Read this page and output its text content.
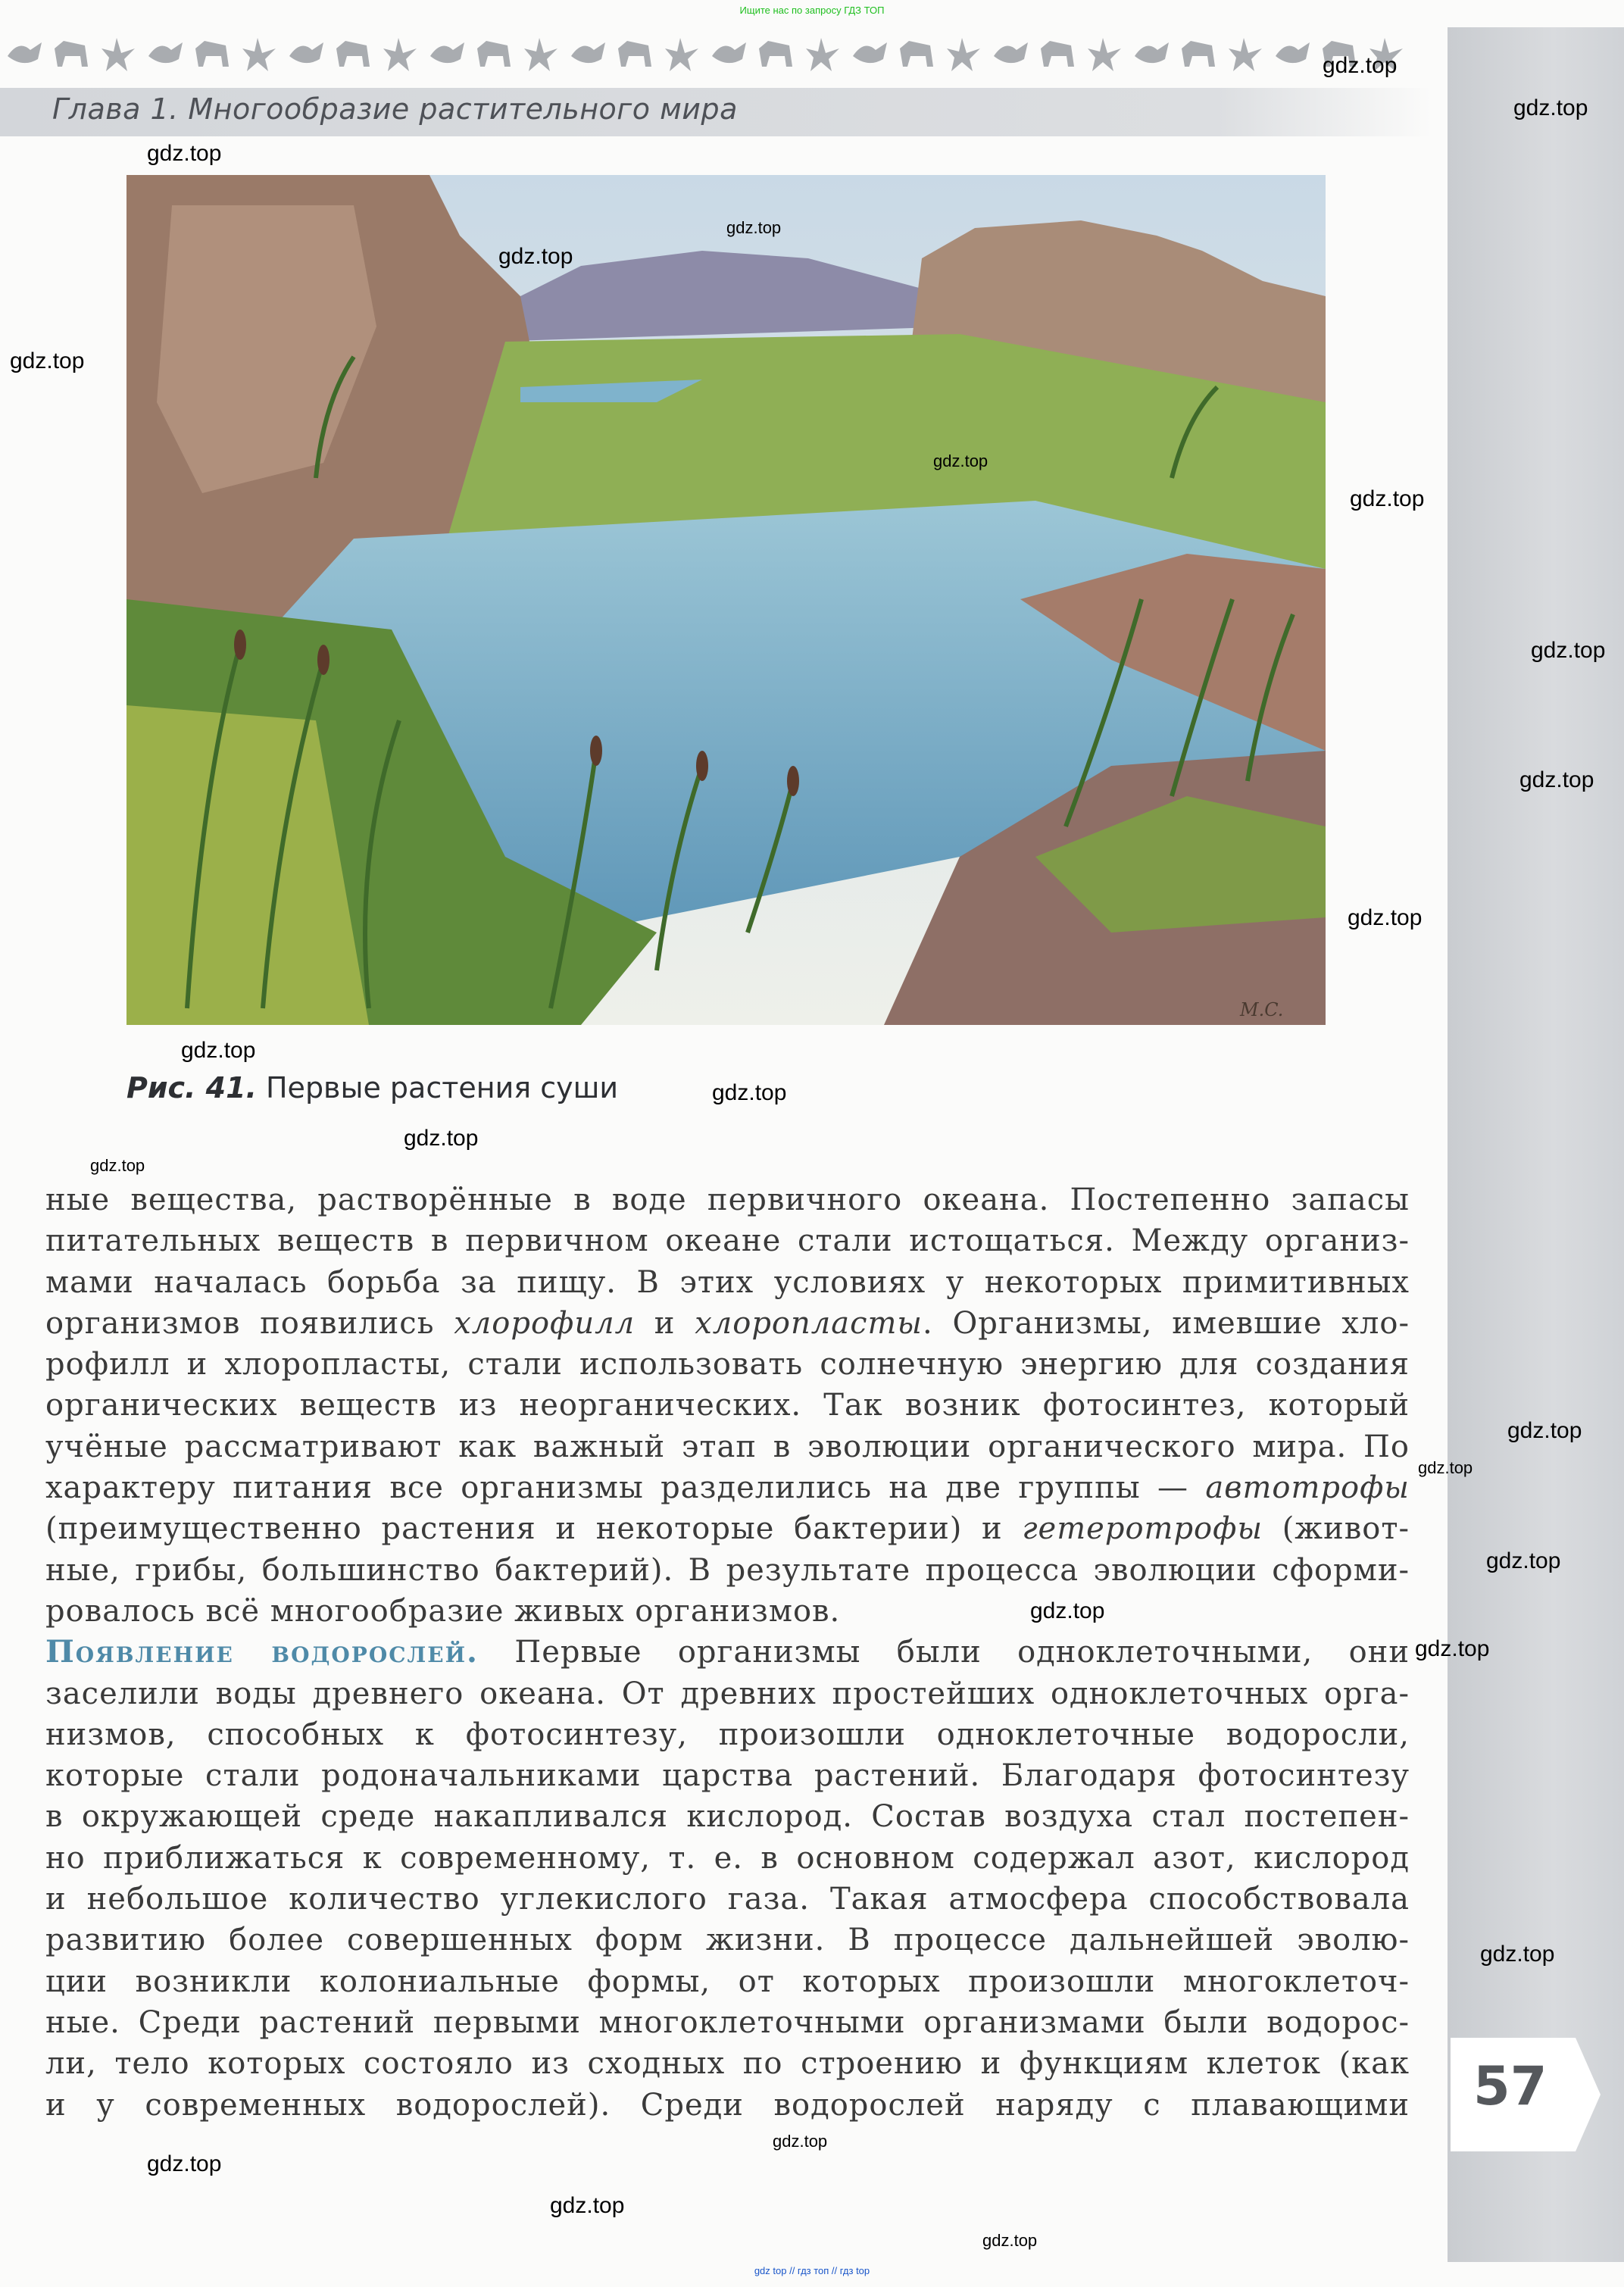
Ищите нас по запросу ГДЗ ТОП
Глава 1. Многообразие растительного мира
M.C.
Рис. 41. Первые растения суши
ные вещества, растворённые в воде первичного океана. Постепенно запасы
питательных веществ в первичном океане стали истощаться. Между организ-
мами началась борьба за пищу. В этих условиях у некоторых примитивных
организмов появились хлорофилл и хлоропласты. Организмы, имевшие хло-
рофилл и хлоропласты, стали использовать солнечную энергию для создания
органических веществ из неорганических. Так возник фотосинтез, который
учёные рассматривают как важный этап в эволюции органического мира. По
характеру питания все организмы разделились на две группы — автотрофы
(преимущественно растения и некоторые бактерии) и гетеротрофы (живот-
ные, грибы, большинство бактерий). В результате процесса эволюции сформи-
ровалось всё многообразие живых организмов.
Появление водорослей. Первые организмы были одноклеточными, они
заселили воды древнего океана. От древних простейших одноклеточных орга-
низмов, способных к фотосинтезу, произошли одноклеточные водоросли,
которые стали родоначальниками царства растений. Благодаря фотосинтезу
в окружающей среде накапливался кислород. Состав воздуха стал постепен-
но приближаться к современному, т. е. в основном содержал азот, кислород
и небольшое количество углекислого газа. Такая атмосфера способствовала
развитию более совершенных форм жизни. В процессе дальнейшей эволю-
ции возникли колониальные формы, от которых произошли многоклеточ-
ные. Среди растений первыми многоклеточными организмами были водорос-
ли, тело которых состояло из сходных по строению и функциям клеток (как
и у современных водорослей). Среди водорослей наряду с плавающими 57
gdz.top
gdz.top
gdz.top
gdz.top
gdz.top
gdz.top
gdz.top
gdz.top
gdz.top
gdz.top
gdz.top
gdz.top
gdz.top
gdz.top
gdz.top
gdz.top
gdz.top
gdz.top
gdz.top
gdz.top
gdz.top
gdz.top
gdz.top
gdz.top
gdz.top
gdz top // гдз топ // гдз top
